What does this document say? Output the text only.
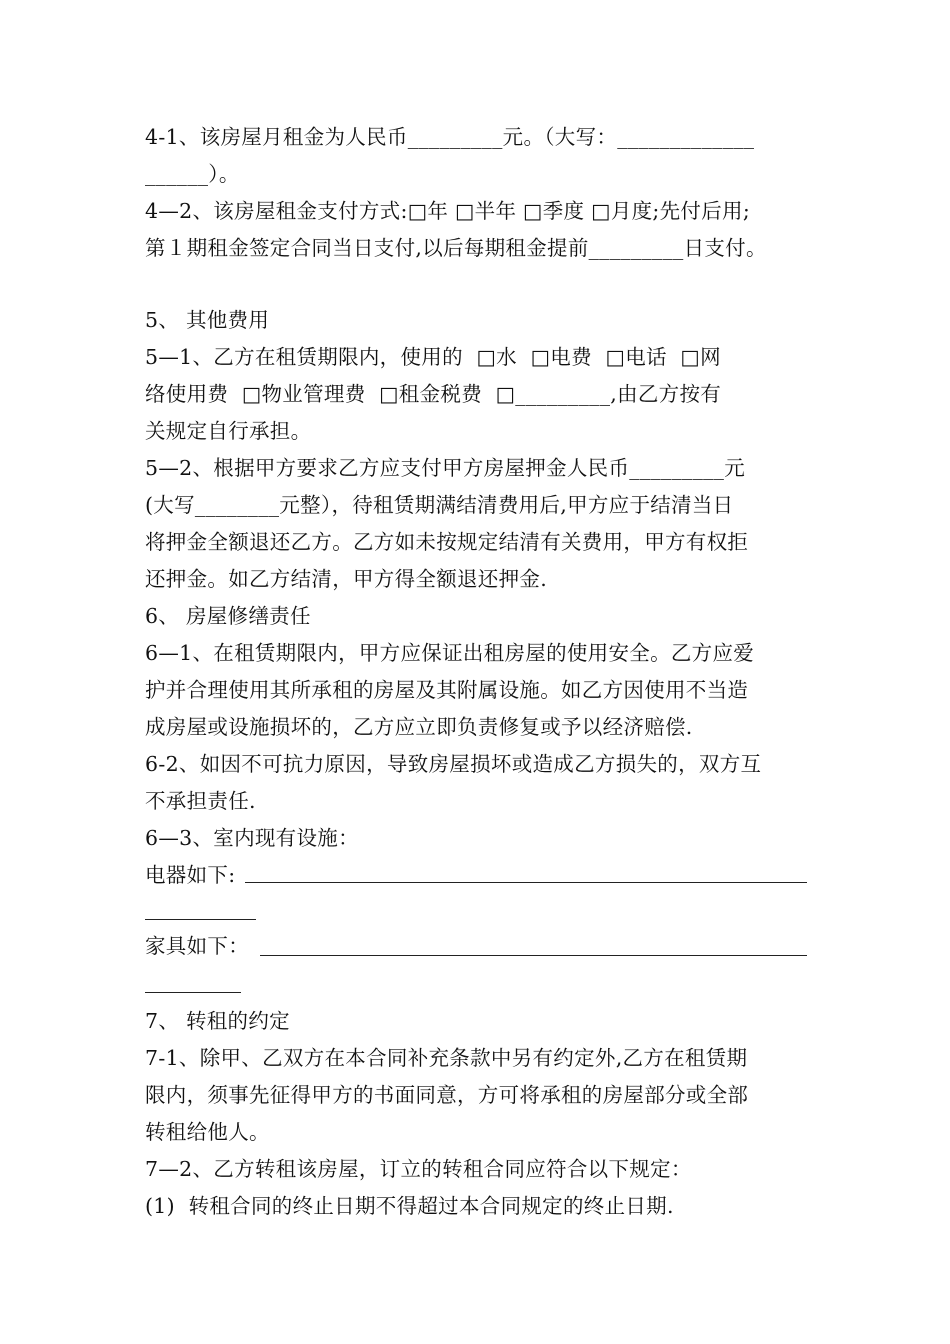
4-1、该房屋月租金为人民币_________元。（大写：_____________
______）。
4—2、该房屋租金支付方式:□年 □半年 □季度 □月度;先付后用;
第１期租金签定合同当日支付,以后每期租金提前_________日支付。
5、 其他费用
5—1、乙方在租赁期限内，使用的  □水  □电费  □电话  □网
络使用费  □物业管理费  □租金税费  □_________,由乙方按有
关规定自行承担。
5—2、根据甲方要求乙方应支付甲方房屋押金人民币_________元
(大写________元整），待租赁期满结清费用后,甲方应于结清当日
将押金全额退还乙方。乙方如未按规定结清有关费用，甲方有权拒
还押金。如乙方结清，甲方得全额退还押金.
6、 房屋修缮责任
6—1、在租赁期限内，甲方应保证出租房屋的使用安全。乙方应爱
护并合理使用其所承租的房屋及其附属设施。如乙方因使用不当造
成房屋或设施损坏的，乙方应立即负责修复或予以经济赔偿.
6-2、如因不可抗力原因，导致房屋损坏或造成乙方损失的，双方互
不承担责任.
6—3、室内现有设施：
电器如下:
家具如下：
7、 转租的约定
7-1、除甲、乙双方在本合同补充条款中另有约定外,乙方在租赁期
限内，须事先征得甲方的书面同意，方可将承租的房屋部分或全部
转租给他人。
7—2、乙方转租该房屋，订立的转租合同应符合以下规定：
(1)  转租合同的终止日期不得超过本合同规定的终止日期.
